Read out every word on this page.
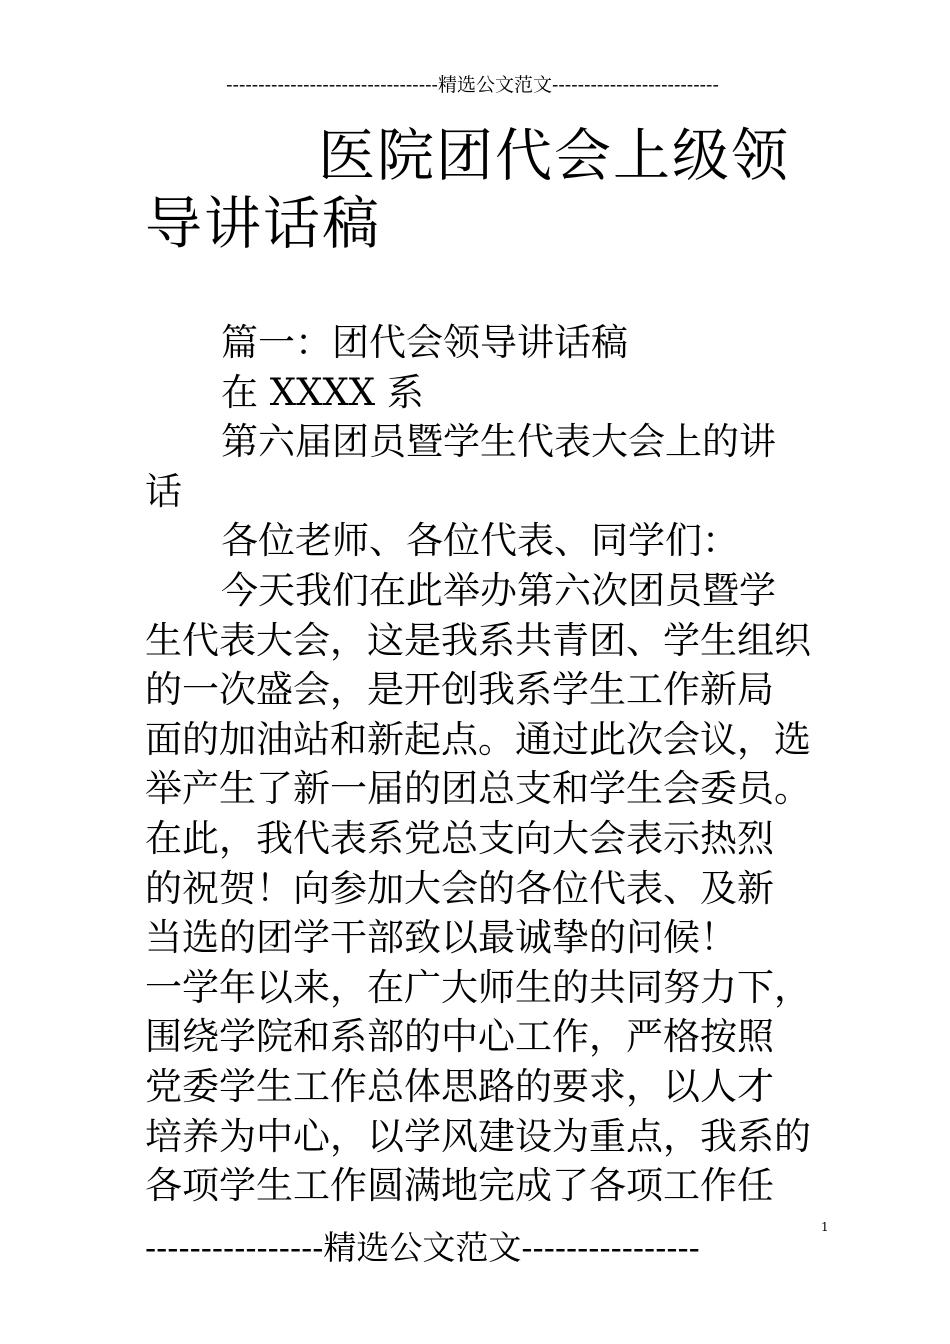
---------------------------------精选公文范文--------------------------
医院团代会上级领
导讲话稿
篇一：团代会领导讲话稿
在 XXXX 系
第六届团员暨学生代表大会上的讲
话
各位老师、各位代表、同学们：
今天我们在此举办第六次团员暨学
生代表大会，这是我系共青团、学生组织
的一次盛会，是开创我系学生工作新局
面的加油站和新起点。通过此次会议，选
举产生了新一届的团总支和学生会委员。
在此，我代表系党总支向大会表示热烈
的祝贺！向参加大会的各位代表、及新
当选的团学干部致以最诚挚的问候！
一学年以来，在广大师生的共同努力下，
围绕学院和系部的中心工作，严格按照
党委学生工作总体思路的要求，以人才
培养为中心，以学风建设为重点，我系的
各项学生工作圆满地完成了各项工作任
----------------精选公文范文----------------
1
